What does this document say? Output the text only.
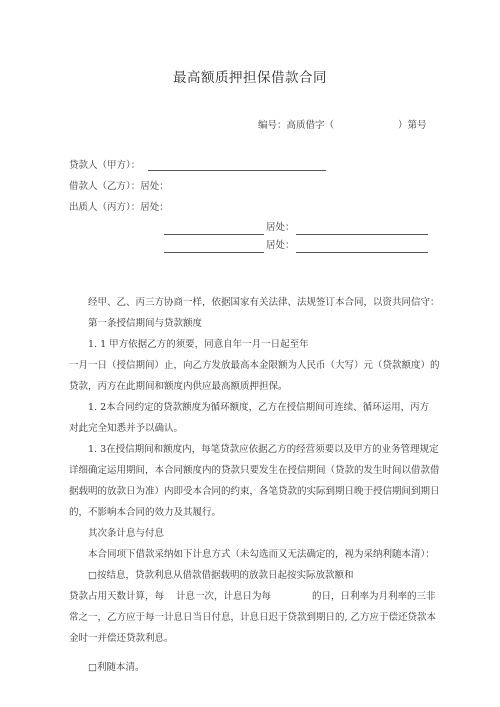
最高额质押担保借款合同
编号：高质借字（	）第号
贷款人（甲方）：
借款人（乙方）：居处：
出质人（丙方）：居处：
居处：
居处：
经甲、乙、丙三方协商一样，依据国家有关法律、法规签订本合同，以资共同信守：
第一条授信期间与贷款额度
1. 1 甲方依据乙方的须要，同意自年一月一日起至年
一月一日（授信期间）止，向乙方发放最高本金限额为人民币（大写）元（贷款额度）的
贷款，丙方在此期间和额度内供应最高额质押担保。
1. 2本合同约定的贷款额度为循环额度，乙方在授信期间可连续、循环运用，丙方
对此完全知悉并予以确认。
1. 3在授信期间和额度内，每笔贷款应依据乙方的经营须要以及甲方的业务管理规定
详细确定运用期间，本合同额度内的贷款只要发生在授信期间（贷款的发生时间以借款借
据载明的放款日为准）内即受本合同的约束，各笔贷款的实际到期日晚于授信期间到期日
的，不影响本合同的效力及其履行。
其次条计息与付息
本合同项下借款采纳如下计息方式（未勾选而又无法确定的，视为采纳利随本清）：
□按结息，贷款利息从借款借据载明的放款日起按实际放款额和
贷款占用天数计算，每 计息一次，计息日为每	的日，日利率为月利率的三非
常之一，乙方应于每一计息日当日付息，计息日迟于贷款到期日的, 乙方应于偿还贷款本
金时一并偿还贷款利息。
□利随本清。
